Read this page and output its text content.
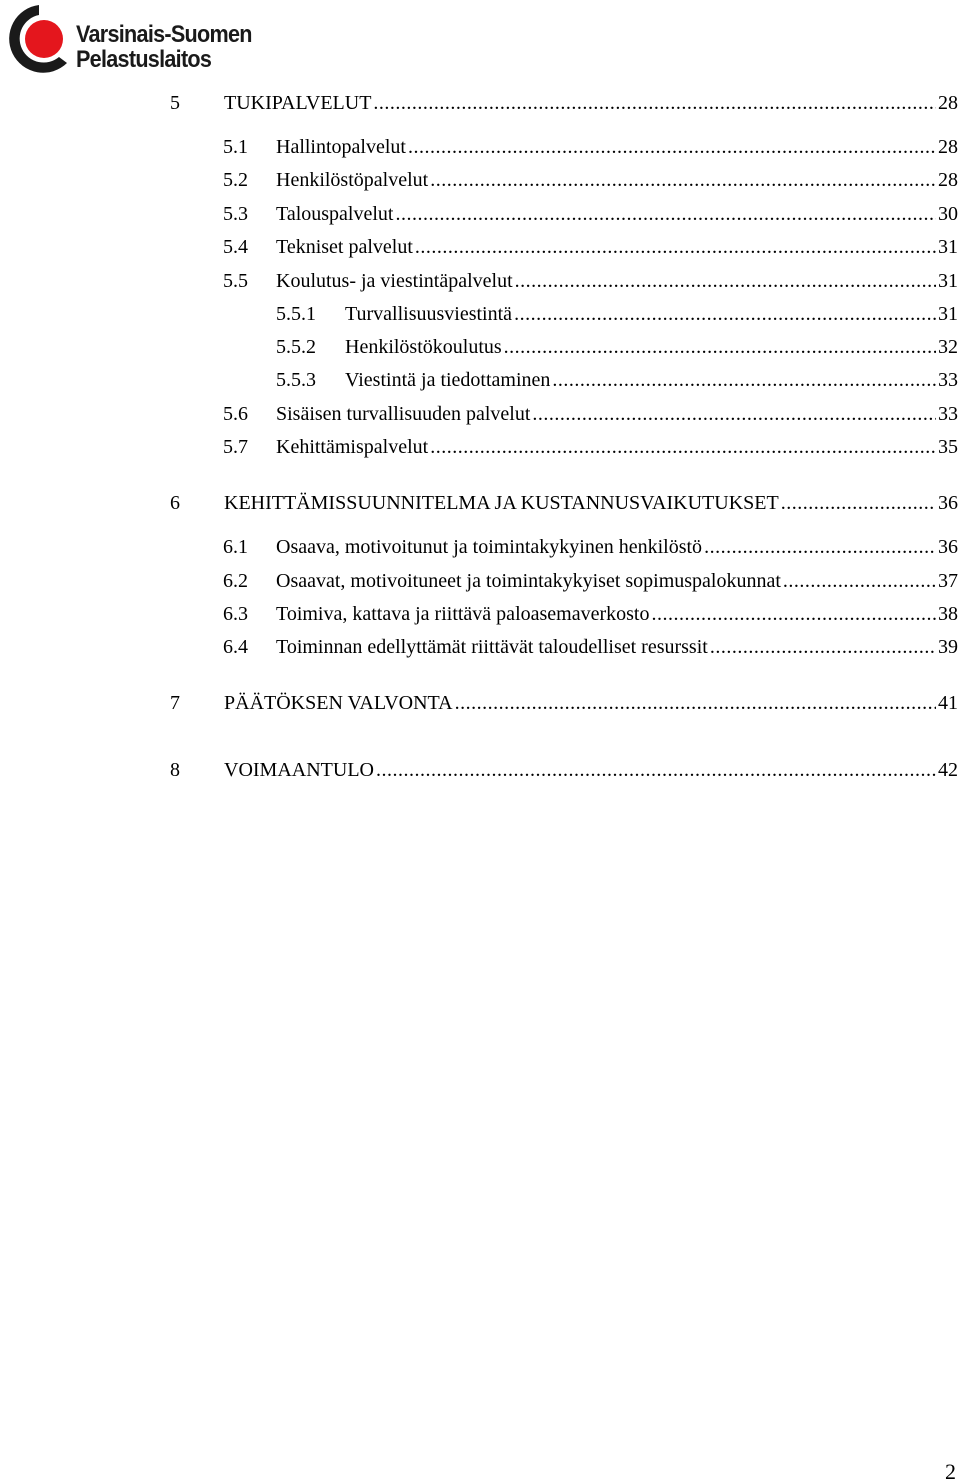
Varsinais-Suomen
Pelastuslaitos
5	TUKIPALVELUT .....	28
5.1	Hallintopalvelut .....	28
5.2	Henkilöstöpalvelut .....	28
5.3	Talouspalvelut .....	30
5.4	Tekniset palvelut .....	31
5.5	Koulutus- ja viestintäpalvelut .....	31
5.5.1	Turvallisuusviestintä .....	31
5.5.2	Henkilöstökoulutus .....	32
5.5.3	Viestintä ja tiedottaminen .....	33
5.6	Sisäisen turvallisuuden palvelut .....	33
5.7	Kehittämispalvelut .....	35
6	KEHITTÄMISSUUNNITELMA JA KUSTANNUSVAIKUTUKSET .....	36
6.1	Osaava, motivoitunut ja toimintakykyinen henkilöstö .....	36
6.2	Osaavat, motivoituneet ja toimintakykyiset sopimuspalokunnat .....	37
6.3	Toimiva, kattava ja riittävä paloasemaverkosto .....	38
6.4	Toiminnan edellyttämät riittävät taloudelliset resurssit .....	39
7	PÄÄTÖKSEN VALVONTA .....	41
8	VOIMAANTULO .....	42
2
